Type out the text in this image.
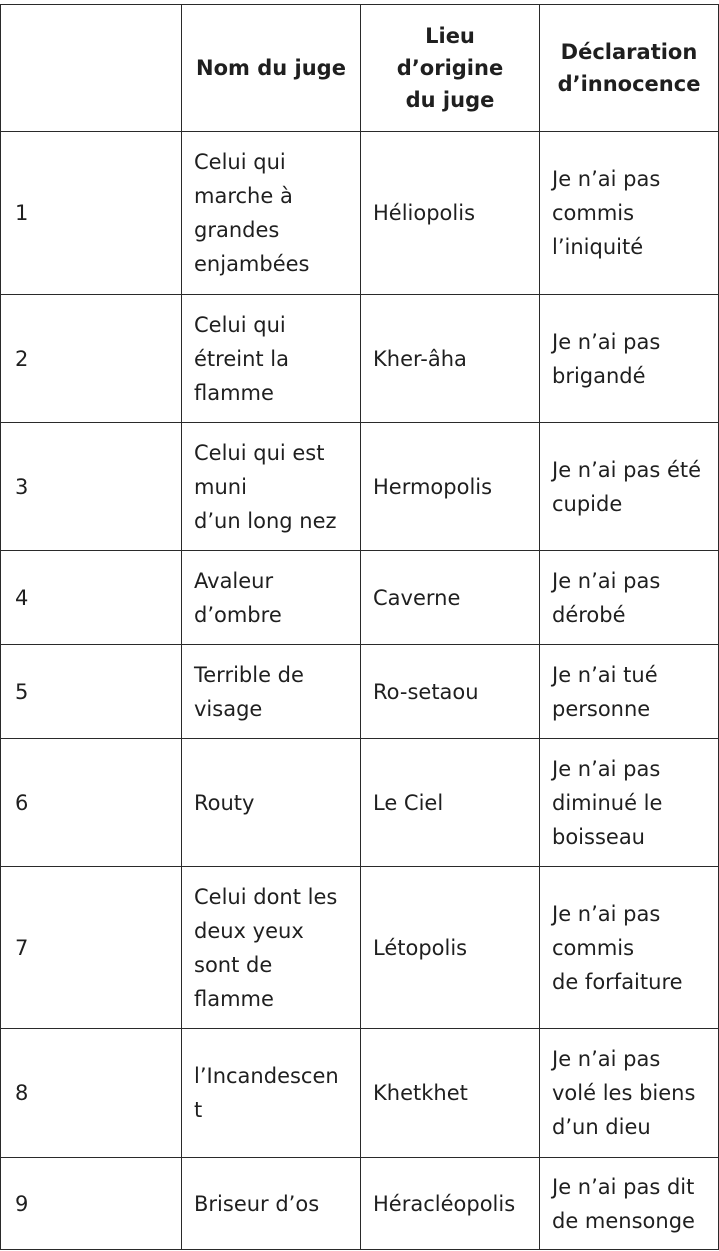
	Nom du juge	Lieu
d’origine
du juge	Déclaration
d’innocence

1	Celui qui
marche à
grandes
enjambées	Héliopolis	Je n’ai pas
commis
l’iniquité

2	Celui qui
étreint la
flamme	Kher-âha	Je n’ai pas
brigandé

3	Celui qui est
muni
d’un long nez	Hermopolis	Je n’ai pas été
cupide

4	Avaleur
d’ombre	Caverne	Je n’ai pas
dérobé

5	Terrible de
visage	Ro-setaou	Je n’ai tué
personne

6	Routy	Le Ciel	Je n’ai pas
diminué le
boisseau

7	Celui dont les
deux yeux
sont de
flamme	Létopolis	Je n’ai pas
commis
de forfaiture

8	l’Incandescen
t	Khetkhet	Je n’ai pas
volé les biens
d’un dieu

9	Briseur d’os	Héracléopolis	Je n’ai pas dit
de mensonge
